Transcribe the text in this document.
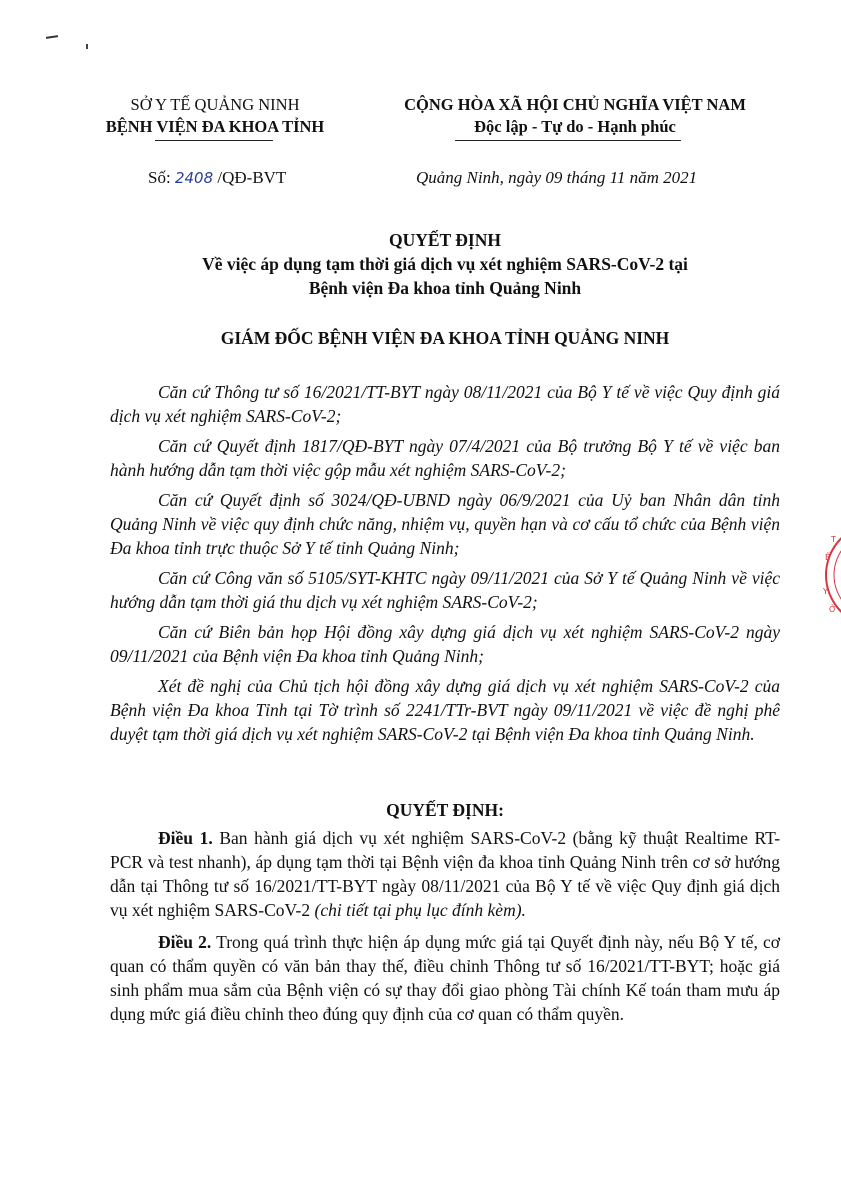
SỞ Y TẾ QUẢNG NINH
BỆNH VIỆN ĐA KHOA TỈNH
CỘNG HÒA XÃ HỘI CHỦ NGHĨA VIỆT NAM
Độc lập - Tự do - Hạnh phúc
Số: 2408 /QĐ-BVT	Quảng Ninh, ngày 09 tháng 11 năm 2021
QUYẾT ĐỊNH
Về việc áp dụng tạm thời giá dịch vụ xét nghiệm SARS-CoV-2 tại
Bệnh viện Đa khoa tỉnh Quảng Ninh
GIÁM ĐỐC BỆNH VIỆN ĐA KHOA TỈNH QUẢNG NINH

Căn cứ Thông tư số 16/2021/TT-BYT ngày 08/11/2021 của Bộ Y tế về việc Quy định giá dịch vụ xét nghiệm SARS-CoV-2;

Căn cứ Quyết định 1817/QĐ-BYT ngày 07/4/2021 của Bộ trưởng Bộ Y tế về việc ban hành hướng dẫn tạm thời việc gộp mẫu xét nghiệm SARS-CoV-2;

Căn cứ Quyết định số 3024/QĐ-UBND ngày 06/9/2021 của Uỷ ban Nhân dân tỉnh Quảng Ninh về việc quy định chức năng, nhiệm vụ, quyền hạn và cơ cấu tổ chức của Bệnh viện Đa khoa tỉnh trực thuộc Sở Y tế tỉnh Quảng Ninh;

Căn cứ Công văn số 5105/SYT-KHTC ngày 09/11/2021 của Sở Y tế Quảng Ninh về việc hướng dẫn tạm thời giá thu dịch vụ xét nghiệm SARS-CoV-2;

Căn cứ Biên bản họp Hội đồng xây dựng giá dịch vụ xét nghiệm SARS-CoV-2 ngày 09/11/2021 của Bệnh viện Đa khoa tỉnh Quảng Ninh;

Xét đề nghị của Chủ tịch hội đồng xây dựng giá dịch vụ xét nghiệm SARS-CoV-2 của Bệnh viện Đa khoa Tỉnh tại Tờ trình số 2241/TTr-BVT ngày 09/11/2021 về việc đề nghị phê duyệt tạm thời giá dịch vụ xét nghiệm SARS-CoV-2 tại Bệnh viện Đa khoa tỉnh Quảng Ninh.

QUYẾT ĐỊNH:

Điều 1. Ban hành giá dịch vụ xét nghiệm SARS-CoV-2 (bằng kỹ thuật Realtime RT-PCR và test nhanh), áp dụng tạm thời tại Bệnh viện đa khoa tỉnh Quảng Ninh trên cơ sở hướng dẫn tại Thông tư số 16/2021/TT-BYT ngày 08/11/2021 của Bộ Y tế về việc Quy định giá dịch vụ xét nghiệm SARS-CoV-2 (chi tiết tại phụ lục đính kèm).

Điều 2. Trong quá trình thực hiện áp dụng mức giá tại Quyết định này, nếu Bộ Y tế, cơ quan có thẩm quyền có văn bản thay thế, điều chỉnh Thông tư số 16/2021/TT-BYT; hoặc giá sinh phẩm mua sắm của Bệnh viện có sự thay đổi giao phòng Tài chính Kế toán tham mưu áp dụng mức giá điều chỉnh theo đúng quy định của cơ quan có thẩm quyền.

T
Ế
Y
Ở
